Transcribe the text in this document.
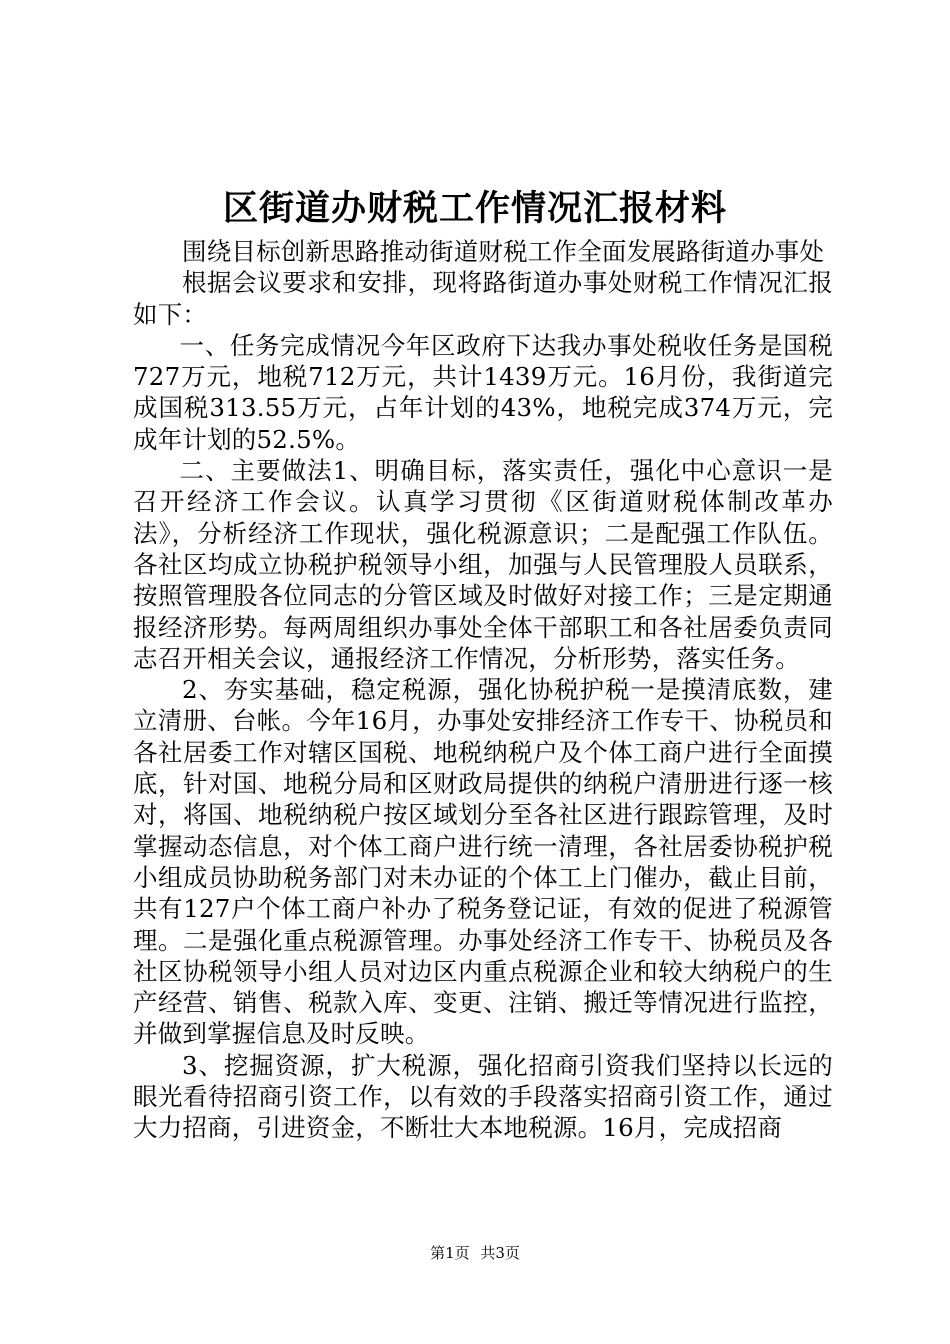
区街道办财税工作情况汇报材料

围绕目标创新思路推动街道财税工作全面发展路街道办事处

根据会议要求和安排，现将路街道办事处财税工作情况汇报如下：

一、任务完成情况今年区政府下达我办事处税收任务是国税727万元，地税712万元，共计1439万元。16月份，我街道完成国税313.55万元，占年计划的43%，地税完成374万元，完成年计划的52.5%。

二、主要做法1、明确目标，落实责任，强化中心意识一是召开经济工作会议。认真学习贯彻《区街道财税体制改革办法》，分析经济工作现状，强化税源意识；二是配强工作队伍。各社区均成立协税护税领导小组，加强与人民管理股人员联系，按照管理股各位同志的分管区域及时做好对接工作；三是定期通报经济形势。每两周组织办事处全体干部职工和各社居委负责同志召开相关会议，通报经济工作情况，分析形势，落实任务。

2、夯实基础，稳定税源，强化协税护税一是摸清底数，建立清册、台帐。今年16月，办事处安排经济工作专干、协税员和各社居委工作对辖区国税、地税纳税户及个体工商户进行全面摸底，针对国、地税分局和区财政局提供的纳税户清册进行逐一核对，将国、地税纳税户按区域划分至各社区进行跟踪管理，及时掌握动态信息，对个体工商户进行统一清理，各社居委协税护税小组成员协助税务部门对未办证的个体工上门催办，截止目前，共有127户个体工商户补办了税务登记证，有效的促进了税源管理。二是强化重点税源管理。办事处经济工作专干、协税员及各社区协税领导小组人员对边区内重点税源企业和较大纳税户的生产经营、销售、税款入库、变更、注销、搬迁等情况进行监控，并做到掌握信息及时反映。

3、挖掘资源，扩大税源，强化招商引资我们坚持以长远的眼光看待招商引资工作，以有效的手段落实招商引资工作，通过大力招商，引进资金，不断壮大本地税源。16月，完成招商

第1页 共3页
